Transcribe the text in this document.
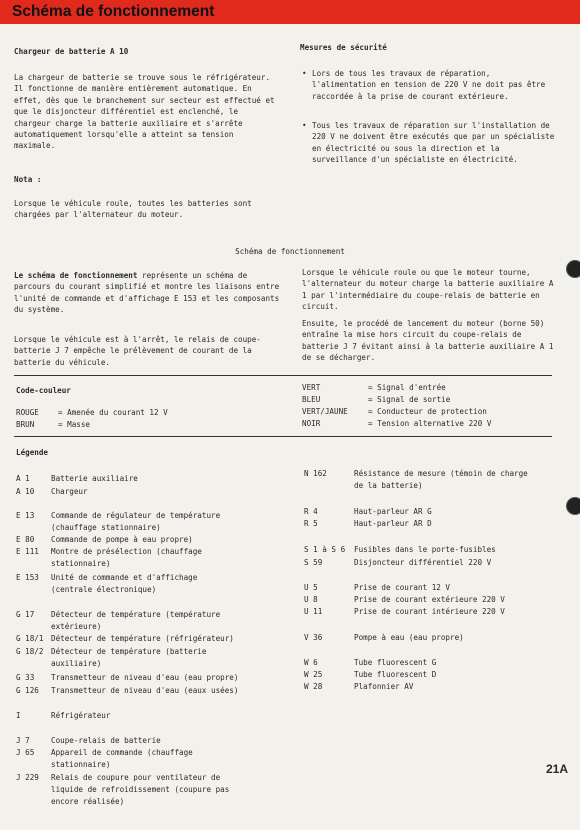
Schéma de fonctionnement
Chargeur de batterie A 10
La chargeur de batterie se trouve sous le réfrigérateur. Il fonctionne de manière entièrement automatique. En effet, dès que le branchement sur secteur est effectué et que le disjoncteur différentiel est enclenché, le chargeur charge la batterie auxiliaire et s'arrête automatiquement lorsqu'elle a atteint sa tension maximale.
Nota :
Lorsque le véhicule roule, toutes les batteries sont chargées par l'alternateur du moteur.
Mesures de sécurité
• Lors de tous les travaux de réparation, l'alimentation en tension de 220 V ne doit pas être raccordée à la prise de courant extérieure.
• Tous les travaux de réparation sur l'installation de 220 V ne doivent être exécutés que par un spécialiste en électricité ou sous la direction et la surveillance d'un spécialiste en électricité.
Schéma de fonctionnement
Le schéma de fonctionnement représente un schéma de parcours du courant simplifié et montre les liaisons entre l'unité de commande et d'affichage E 153 et les composants du système.
Lorsque le véhicule est à l'arrêt, le relais de coupe-batterie J 7 empêche le prélèvement de courant de la batterie du véhicule.
Lorsque le véhicule roule ou que le moteur tourne, l'alternateur du moteur charge la batterie auxiliaire A 1 par l'intermédiaire du coupe-relais de batterie en circuit.
Ensuite, le procédé de lancement du moteur (borne 50) entraîne la mise hors circuit du coupe-relais de batterie J 7 évitant ainsi à la batterie auxiliaire A 1 de se décharger.
Code-couleur
ROUGE	= Amenée du courant 12 V
BRUN	= Masse
VERT	= Signal d'entrée
BLEU	= Signal de sortie
VERT/JAUNE	= Conducteur de protection
NOIR	= Tension alternative 220 V
Légende
A 1	Batterie auxiliaire
A 10	Chargeur
E 13	Commande de régulateur de température
(chauffage stationnaire)
E 80	Commande de pompe à eau propre)
E 111	Montre de présélection (chauffage
stationnaire)
E 153	Unité de commande et d'affichage
(centrale électronique)
G 17	Détecteur de température (température
extérieure)
G 18/1 Détecteur de température (réfrigérateur)
G 18/2 Détecteur de température (batterie
auxiliaire)
G 33	Transmetteur de niveau d'eau (eau propre)
G 126	Transmetteur de niveau d'eau (eaux usées)
I	Réfrigérateur
J 7	Coupe-relais de batterie
J 65	Appareil de commande (chauffage
stationnaire)
J 229	Relais de coupure pour ventilateur de
liquide de refroidissement (coupure pas
encore réalisée)
N 162	Résistance de mesure (témoin de charge
de la batterie)
R 4	Haut-parleur AR G
R 5	Haut-parleur AR D
S 1 à S 6	Fusibles dans le porte-fusibles
S 59	Disjoncteur différentiel 220 V
U 5	Prise de courant 12 V
U 8	Prise de courant extérieure 220 V
U 11	Prise de courant intérieure 220 V
V 36	Pompe à eau (eau propre)
W 6	Tube fluorescent G
W 25	Tube fluorescent D
W 28	Plafonnier AV
21A
